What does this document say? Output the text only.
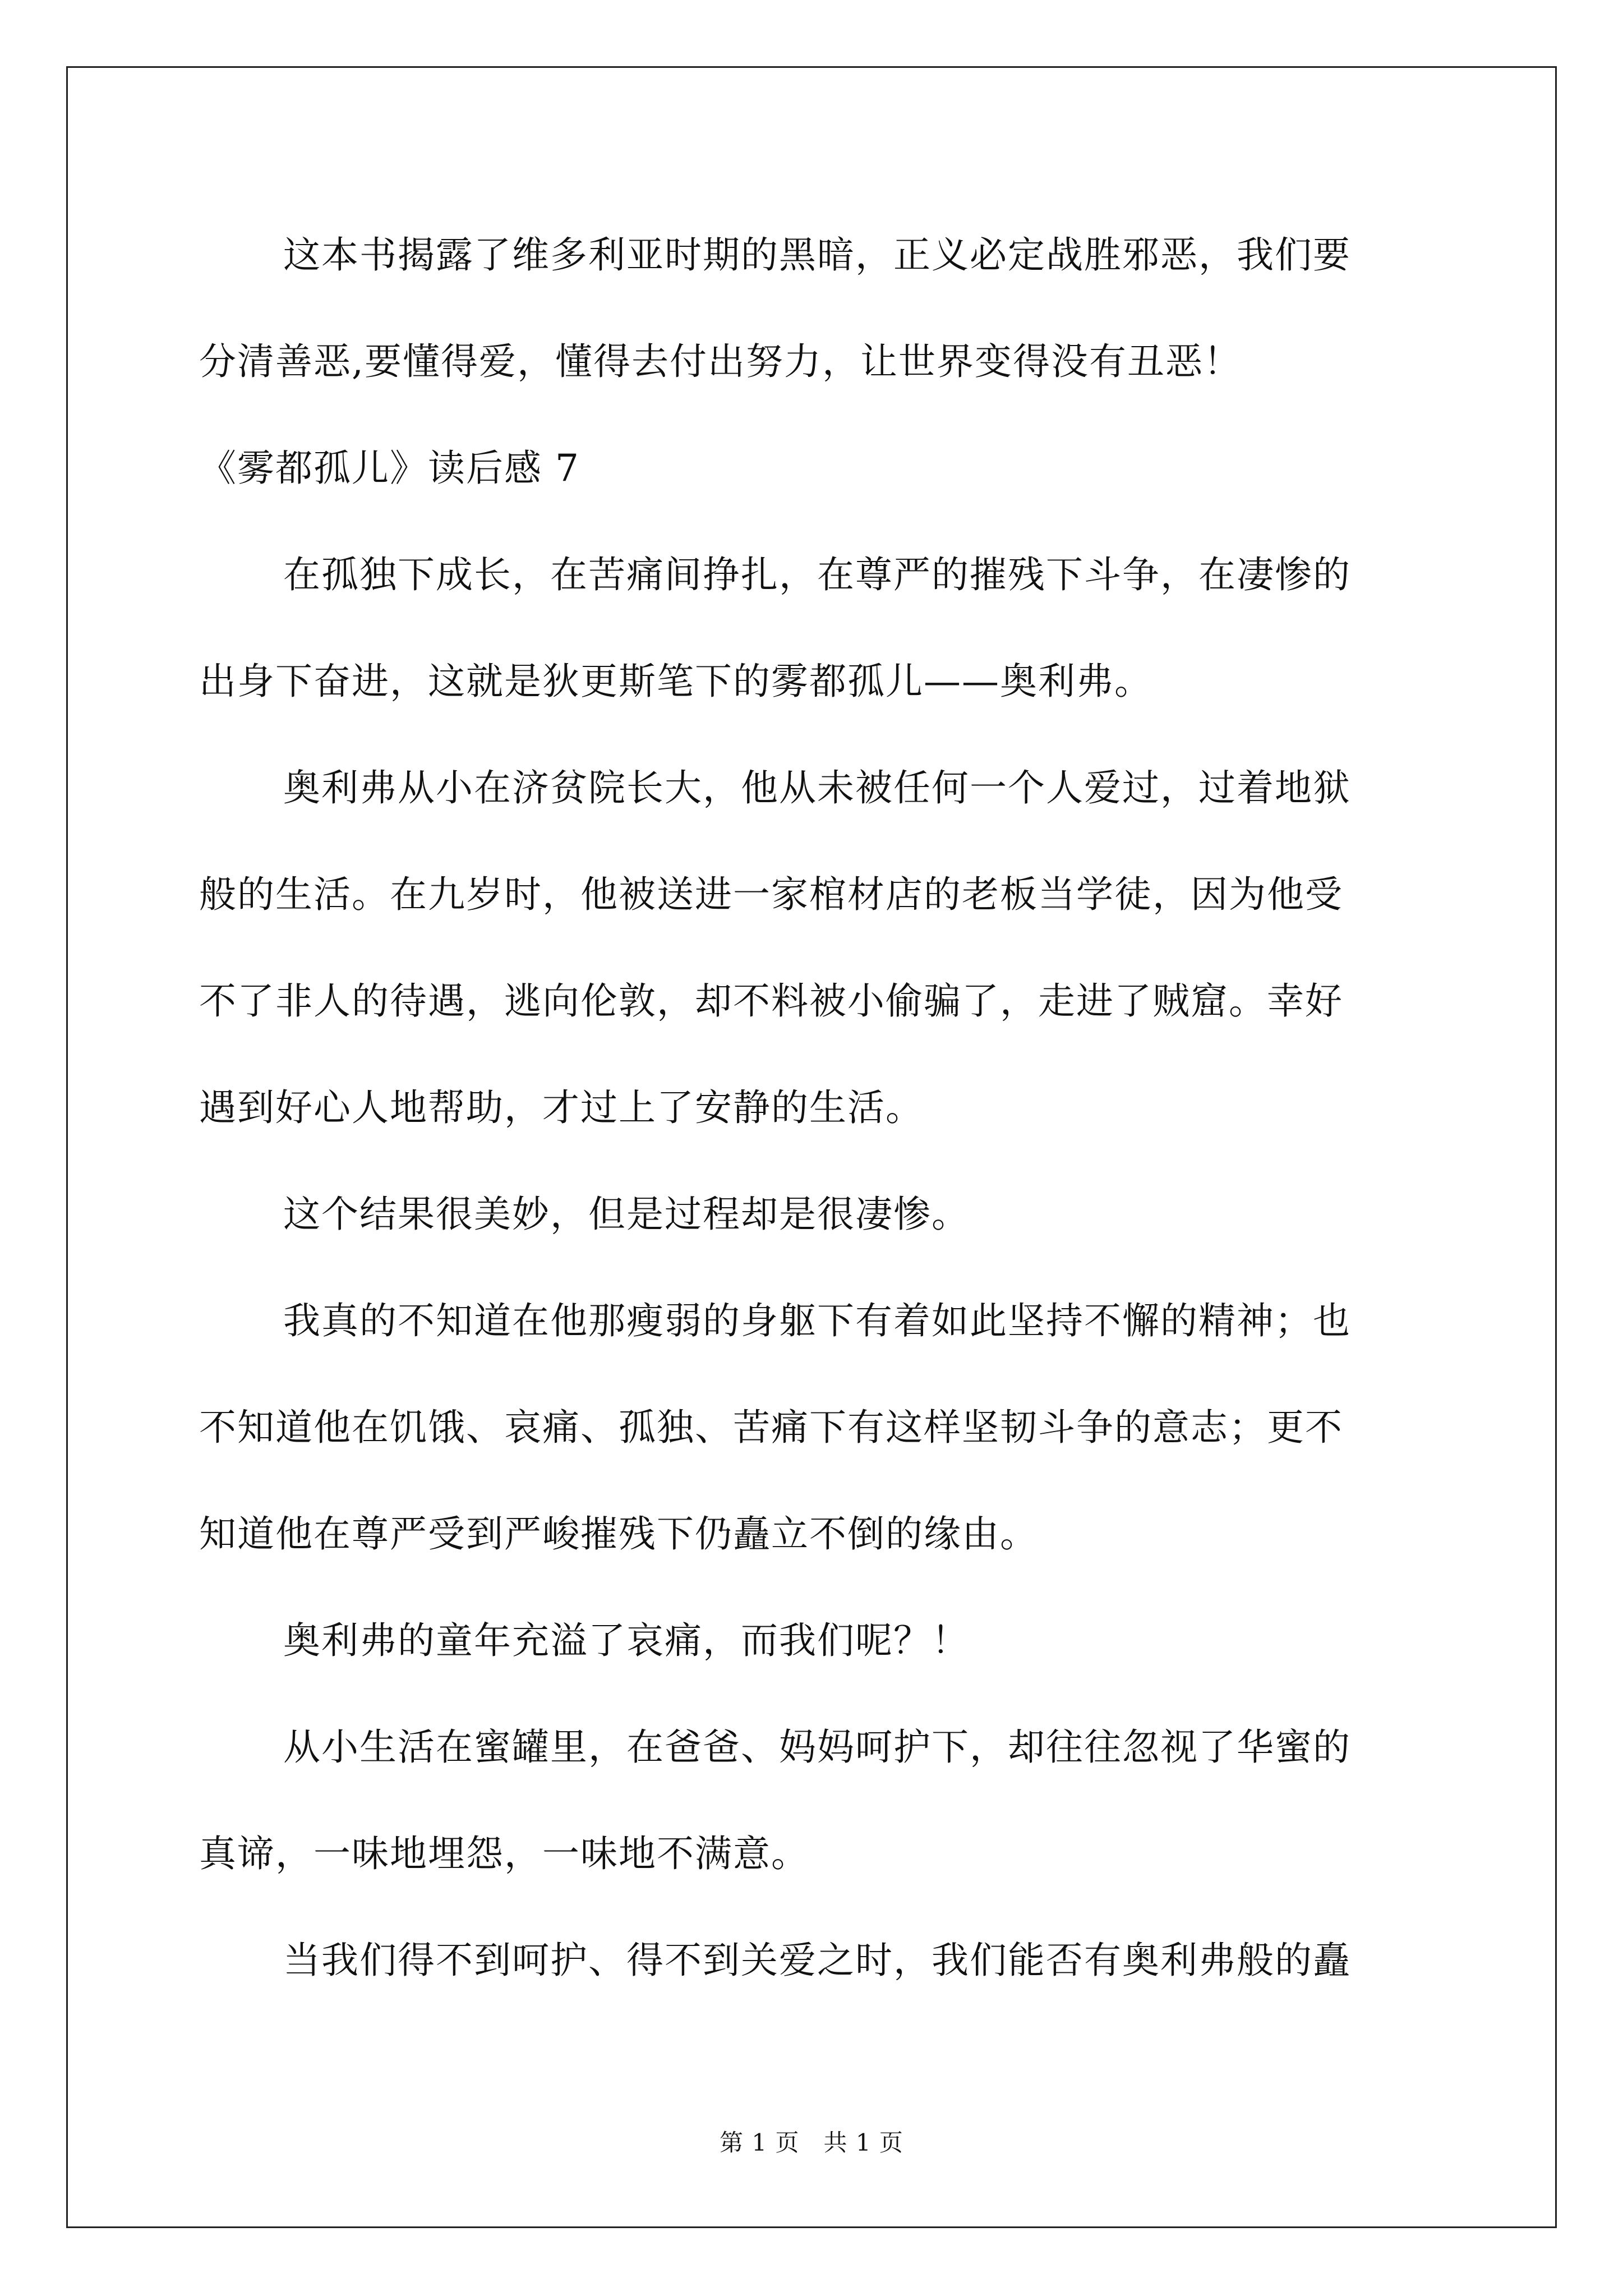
这本书揭露了维多利亚时期的黑暗，正义必定战胜邪恶，我们要
分清善恶,要懂得爱，懂得去付出努力，让世界变得没有丑恶！
《雾都孤儿》读后感 7
在孤独下成长，在苦痛间挣扎，在尊严的摧残下斗争，在凄惨的
出身下奋进，这就是狄更斯笔下的雾都孤儿——奥利弗。
奥利弗从小在济贫院长大，他从未被任何一个人爱过，过着地狱
般的生活。在九岁时，他被送进一家棺材店的老板当学徒，因为他受
不了非人的待遇，逃向伦敦，却不料被小偷骗了，走进了贼窟。幸好
遇到好心人地帮助，才过上了安静的生活。
这个结果很美妙，但是过程却是很凄惨。
我真的不知道在他那瘦弱的身躯下有着如此坚持不懈的精神；也
不知道他在饥饿、哀痛、孤独、苦痛下有这样坚韧斗争的意志；更不
知道他在尊严受到严峻摧残下仍矗立不倒的缘由。
奥利弗的童年充溢了哀痛，而我们呢？！
从小生活在蜜罐里，在爸爸、妈妈呵护下，却往往忽视了华蜜的
真谛，一味地埋怨，一味地不满意。
当我们得不到呵护、得不到关爱之时，我们能否有奥利弗般的矗
第 1 页　共 1 页
